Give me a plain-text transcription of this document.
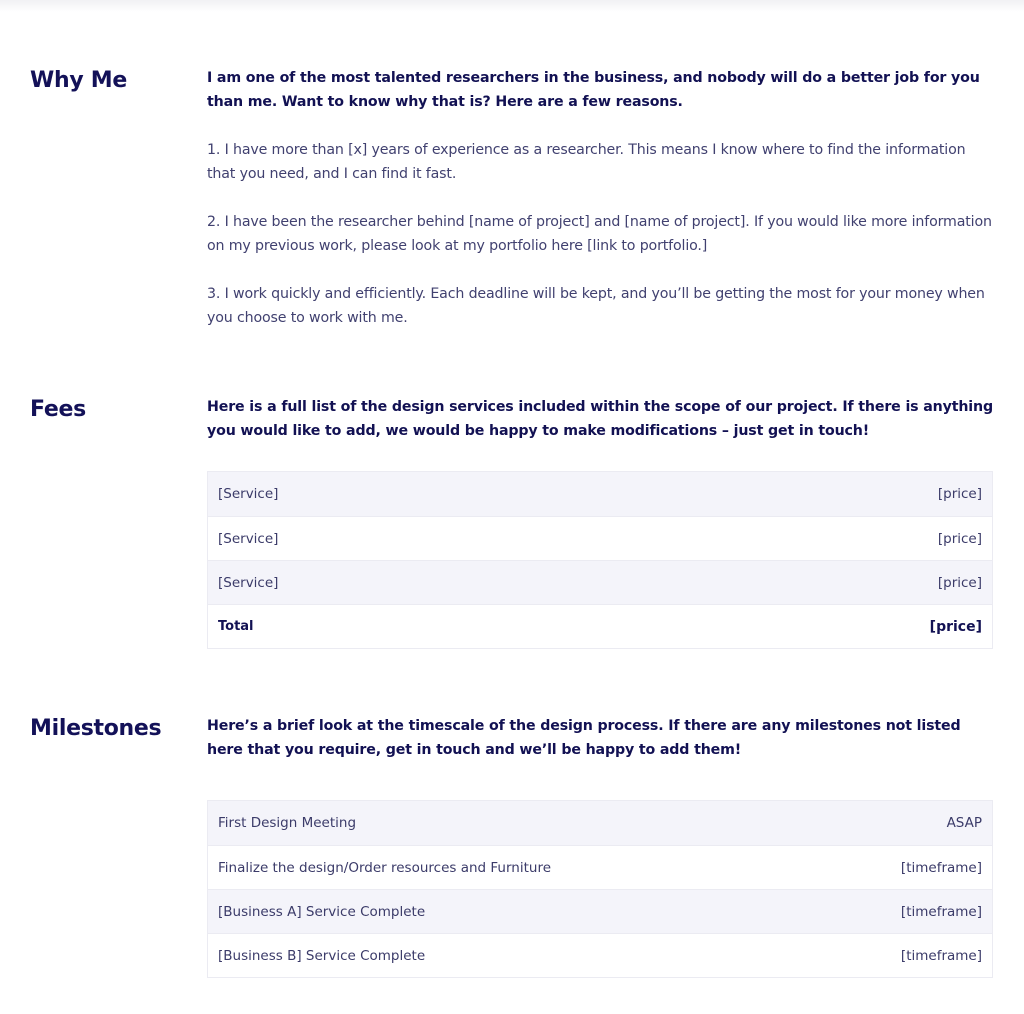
Why Me	I am one of the most talented researchers in the business, and nobody will do a better job for you than me. Want to know why that is? Here are a few reasons.

1. I have more than [x] years of experience as a researcher. This means I know where to find the information that you need, and I can find it fast.

2. I have been the researcher behind [name of project] and [name of project]. If you would like more information on my previous work, please look at my portfolio here [link to portfolio.]

3. I work quickly and efficiently. Each deadline will be kept, and you’ll be getting the most for your money when you choose to work with me.

Fees	Here is a full list of the design services included within the scope of our project. If there is anything you would like to add, we would be happy to make modifications – just get in touch!

[Service]	[price]
[Service]	[price]
[Service]	[price]
Total	[price]
Milestones	Here’s a brief look at the timescale of the design process. If there are any milestones not listed here that you require, get in touch and we’ll be happy to add them!

First Design Meeting	ASAP
Finalize the design/Order resources and Furniture	[timeframe]
[Business A] Service Complete	[timeframe]
[Business B] Service Complete	[timeframe]
